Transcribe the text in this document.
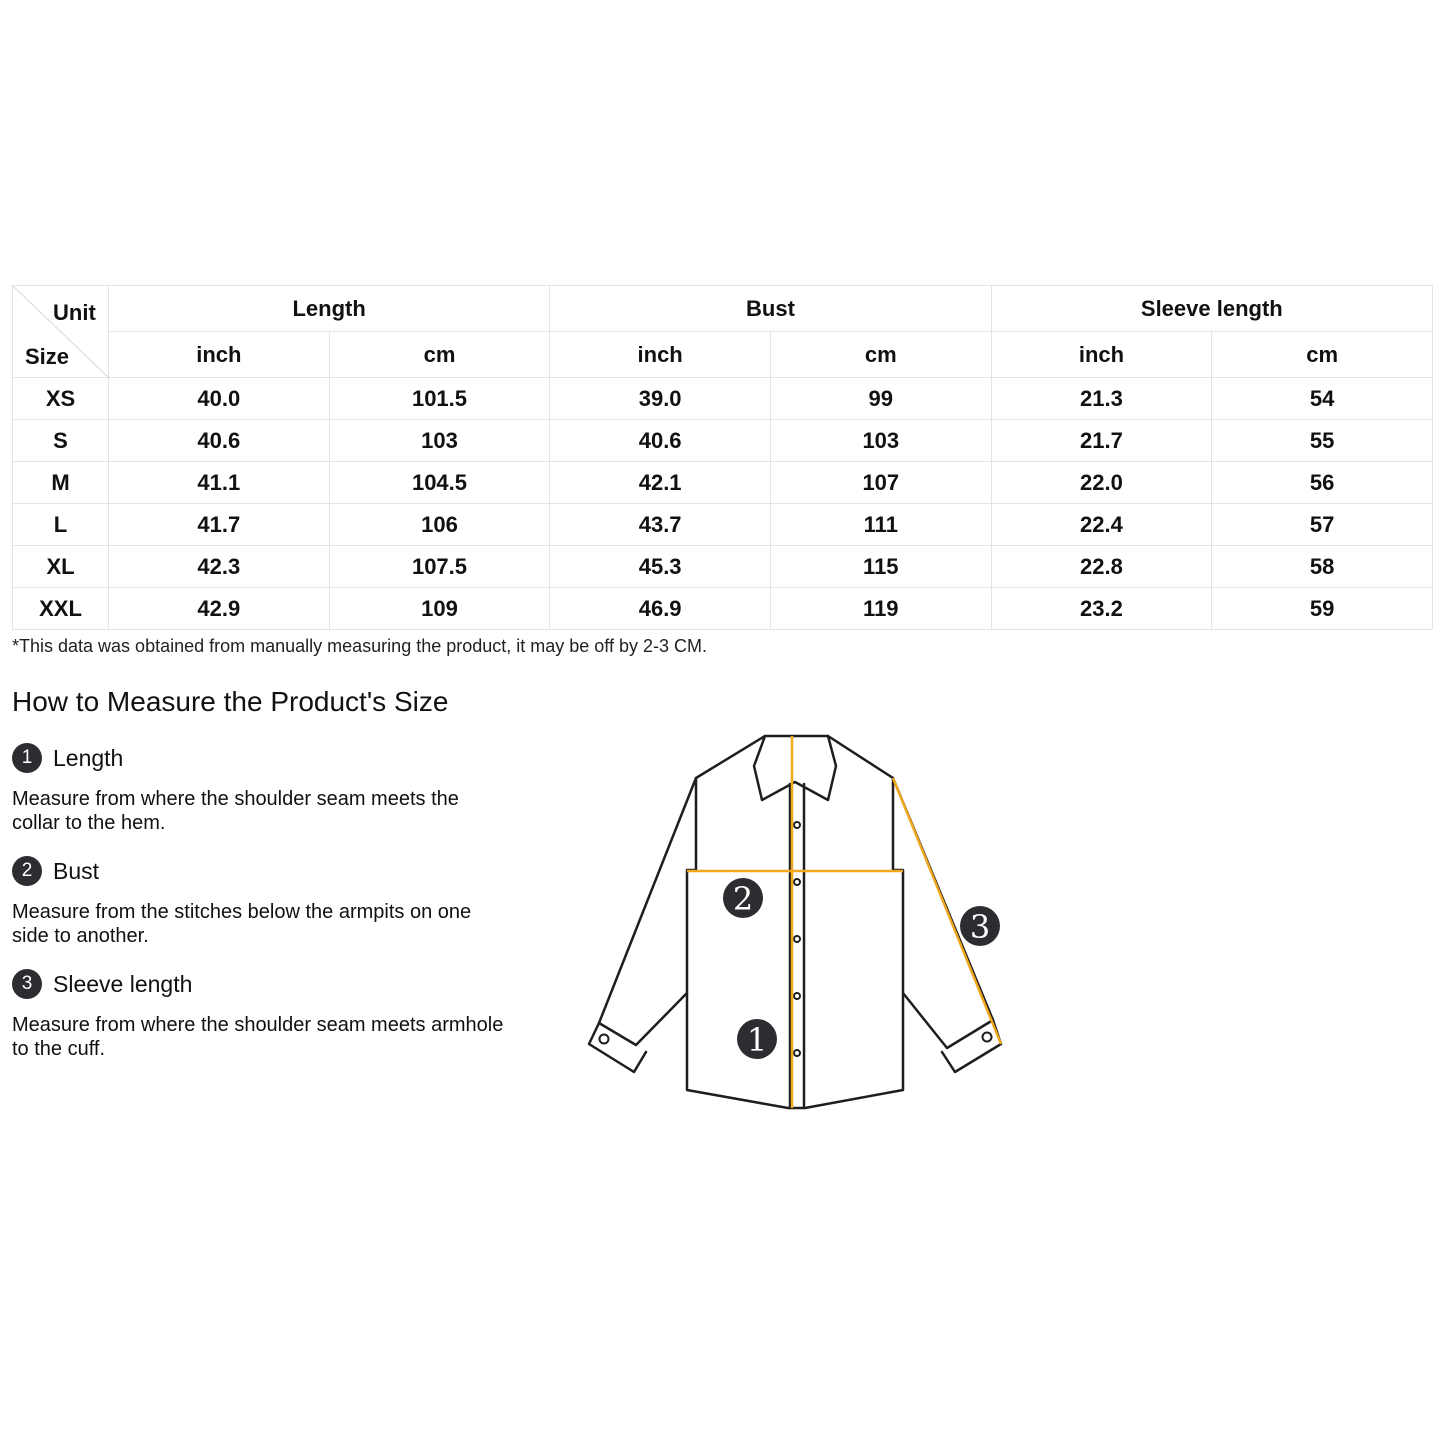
Unit
Size	Length		Bust		Sleeve length	
	inch	cm	inch	cm	inch	cm
XS	40.0	101.5	39.0	99	21.3	54
S	40.6	103	40.6	103	21.7	55
M	41.1	104.5	42.1	107	22.0	56
L	41.7	106	43.7	111	22.4	57
XL	42.3	107.5	45.3	115	22.8	58
XXL	42.9	109	46.9	119	23.2	59
*This data was obtained from manually measuring the product, it may be off by 2-3 CM.
How to Measure the Product's Size
1 Length
Measure from where the shoulder seam meets the collar to the hem.
2 Bust
Measure from the stitches below the armpits on one side to another.
3 Sleeve length
Measure from where the shoulder seam meets armhole to the cuff.
2
3
1
